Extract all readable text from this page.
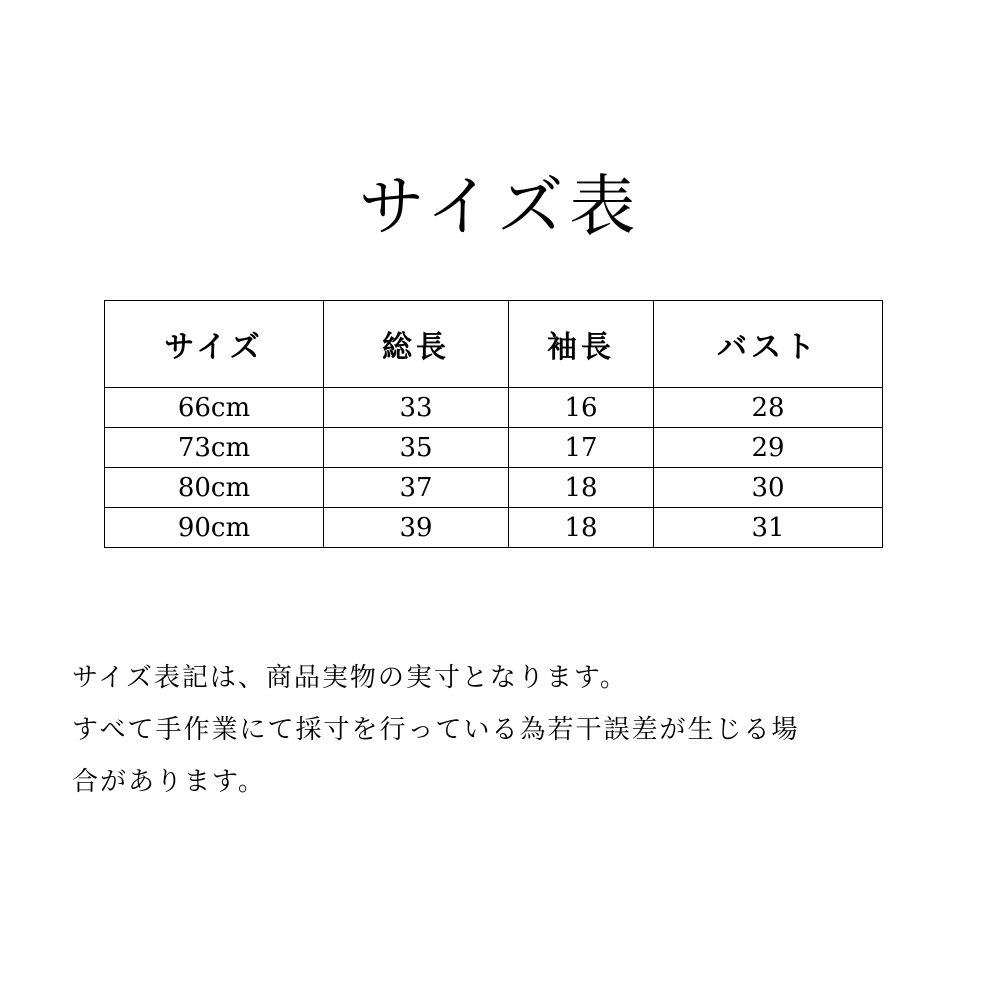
サイズ表
サイズ	総長	袖長	バスト
66cm	33	16	28
73cm	35	17	29
80cm	37	18	30
90cm	39	18	31

サイズ表記は、商品実物の実寸となります。

すべて手作業にて採寸を行っている為若干誤差が生じる場

合があります。
